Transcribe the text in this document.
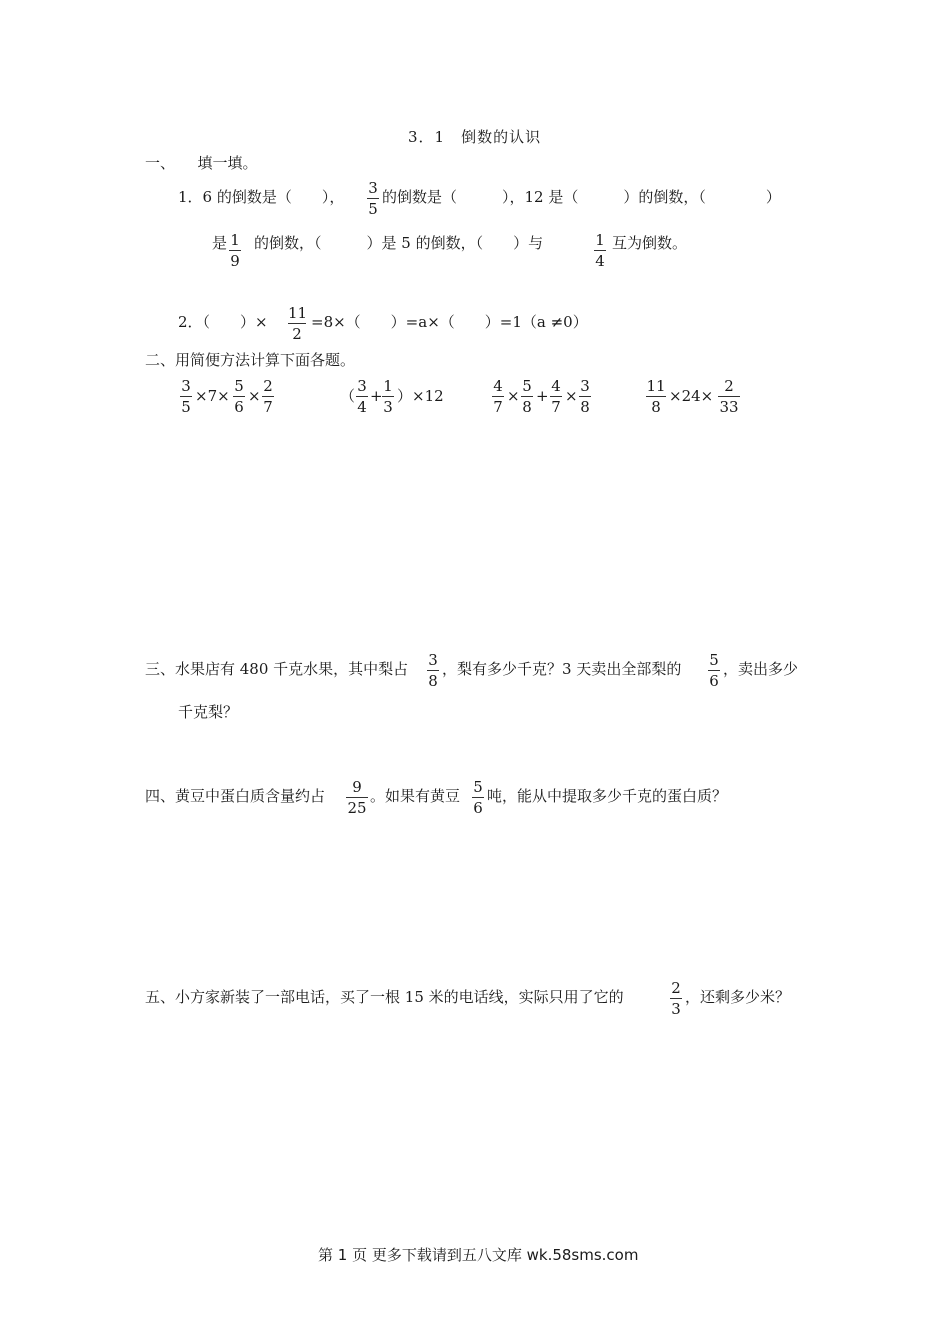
3．1　倒数的认识
一、　　填一填。
1．6 的倒数是（　　）， 3
5
的倒数是（　　　），12 是（　　　）的倒数，（　　　　）
是 1
9
的倒数，（　　　）是 5 的倒数，（　　）与	1
4
互为倒数。
2．（　　）× 11
2
=8×（　　）=a×（　　）=1（a ≠0）
二、用简便方法计算下面各题。
3
5
×7×
5
6
×
2
7
（
3
4
+
1
3
）×12
4
7
×
5
8
+
4
7
×
3
8
11
8
×24×
2
33
三、水果店有 480 千克水果，其中梨占 3
8
，梨有多少千克？3 天卖出全部梨的 5
6
，卖出多少
千克梨？
四、黄豆中蛋白质含量约占	9
25
。如果有黄豆 5
6
吨，能从中提取多少千克的蛋白质？
五、小方家新装了一部电话，买了一根 15 米的电话线，实际只用了它的	2
3
，还剩多少米？
第 1 页 更多下载请到五八文库 wk.58sms.com
